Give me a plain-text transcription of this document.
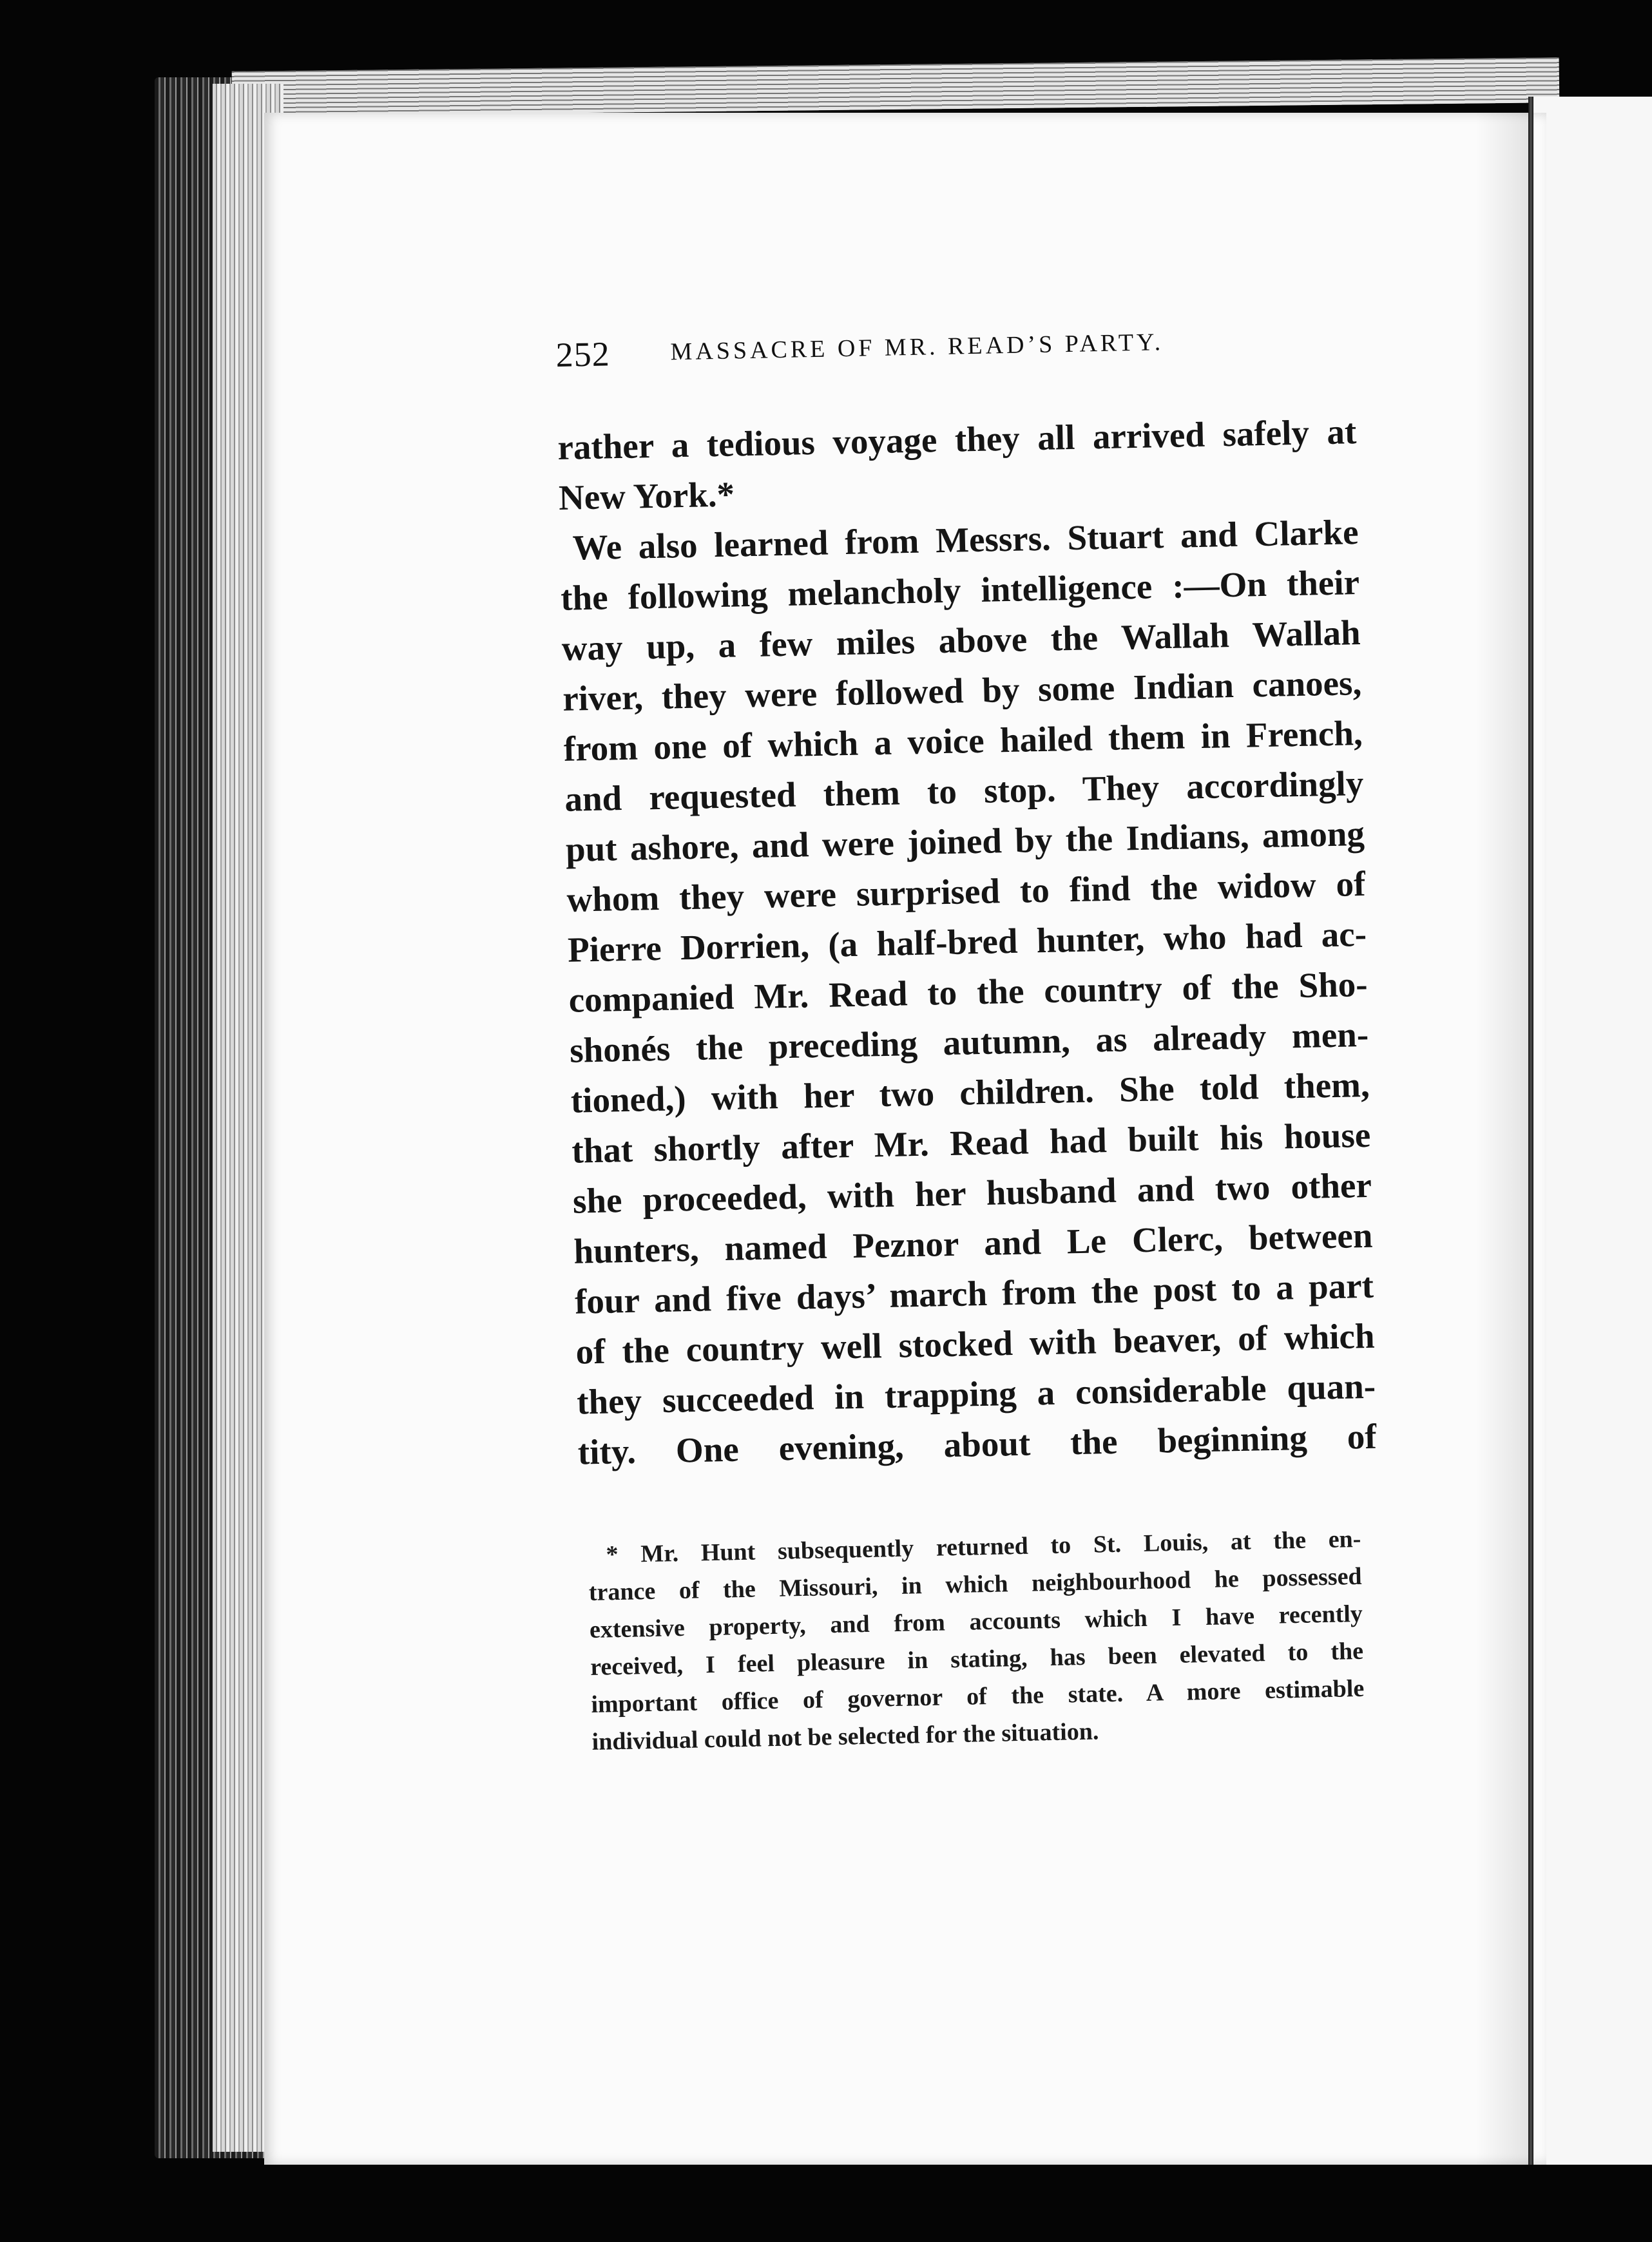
252 MASSACRE OF MR. READ’S PARTY.
rather a tedious voyage they all arrived safely at
New York.*
We also learned from Messrs. Stuart and Clarke
the following melancholy intelligence :—On their
way up, a few miles above the Wallah Wallah
river, they were followed by some Indian canoes,
from one of which a voice hailed them in French,
and requested them to stop. They accordingly
put ashore, and were joined by the Indians, among
whom they were surprised to find the widow of
Pierre Dorrien, (a half-bred hunter, who had ac-
companied Mr. Read to the country of the Sho-
shonés the preceding autumn, as already men-
tioned,) with her two children. She told them,
that shortly after Mr. Read had built his house
she proceeded, with her husband and two other
hunters, named Peznor and Le Clerc, between
four and five days’ march from the post to a part
of the country well stocked with beaver, of which
they succeeded in trapping a considerable quan-
tity. One evening, about the beginning of
* Mr. Hunt subsequently returned to St. Louis, at the en-
trance of the Missouri, in which neighbourhood he possessed
extensive property, and from accounts which I have recently
received, I feel pleasure in stating, has been elevated to the
important office of governor of the state. A more estimable
individual could not be selected for the situation.
